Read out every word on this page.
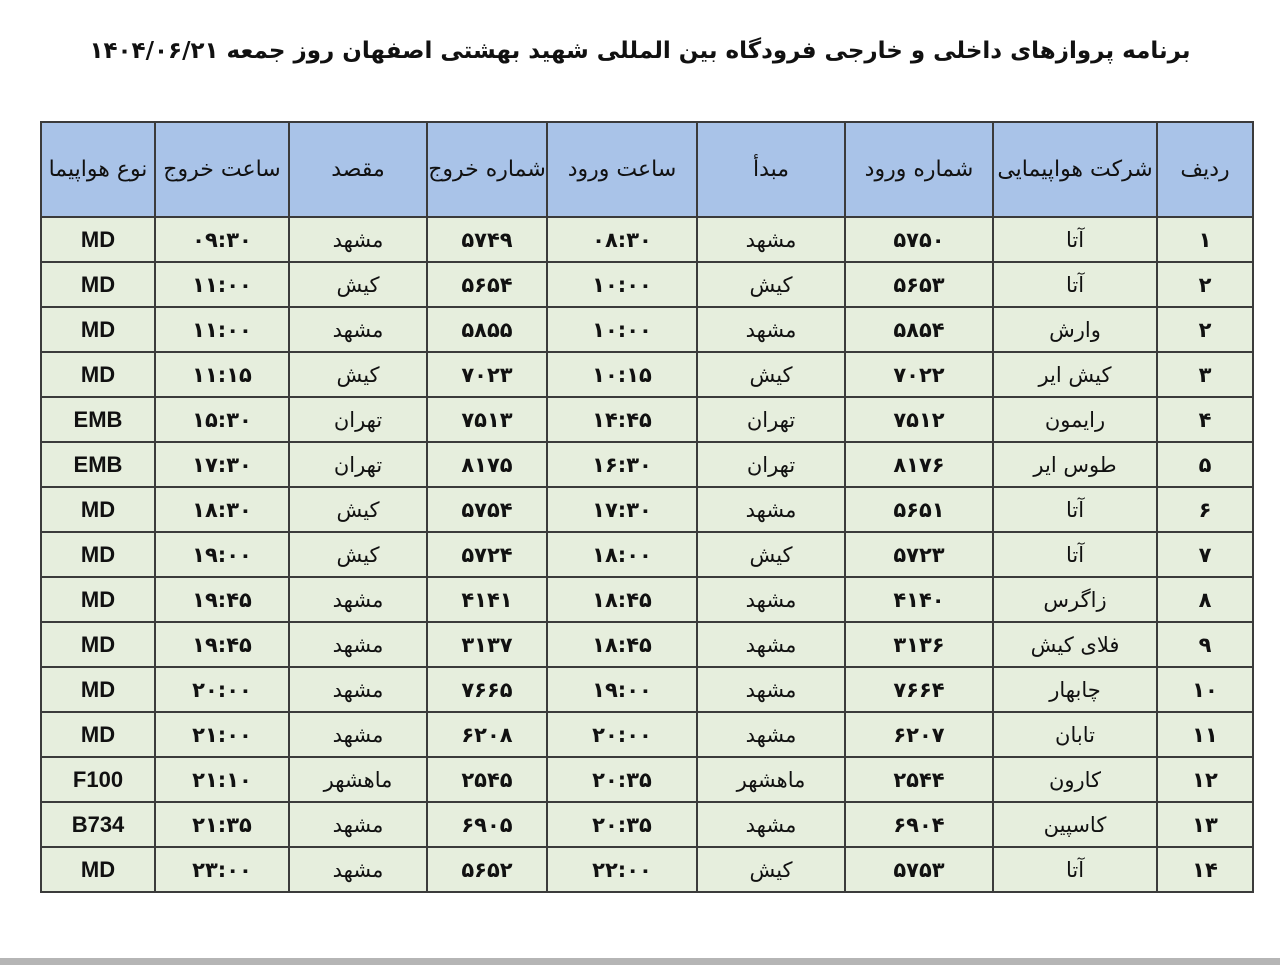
برنامه پروازهای داخلی و خارجی فرودگاه بین المللی شهید بهشتی اصفهان روز جمعه ۱۴۰۴/۰۶/۲۱
ردیف	شرکت هواپیمایی	شماره ورود	مبدأ	ساعت ورود	شماره خروج	مقصد	ساعت خروج	نوع هواپیما
۱	آتا	۵۷۵۰	مشهد	۰۸:۳۰	۵۷۴۹	مشهد	۰۹:۳۰	MD
۲	آتا	۵۶۵۳	کیش	۱۰:۰۰	۵۶۵۴	کیش	۱۱:۰۰	MD
۲	وارش	۵۸۵۴	مشهد	۱۰:۰۰	۵۸۵۵	مشهد	۱۱:۰۰	MD
۳	کیش ایر	۷۰۲۲	کیش	۱۰:۱۵	۷۰۲۳	کیش	۱۱:۱۵	MD
۴	رایمون	۷۵۱۲	تهران	۱۴:۴۵	۷۵۱۳	تهران	۱۵:۳۰	EMB
۵	طوس ایر	۸۱۷۶	تهران	۱۶:۳۰	۸۱۷۵	تهران	۱۷:۳۰	EMB
۶	آتا	۵۶۵۱	مشهد	۱۷:۳۰	۵۷۵۴	کیش	۱۸:۳۰	MD
۷	آتا	۵۷۲۳	کیش	۱۸:۰۰	۵۷۲۴	کیش	۱۹:۰۰	MD
۸	زاگرس	۴۱۴۰	مشهد	۱۸:۴۵	۴۱۴۱	مشهد	۱۹:۴۵	MD
۹	فلای کیش	۳۱۳۶	مشهد	۱۸:۴۵	۳۱۳۷	مشهد	۱۹:۴۵	MD
۱۰	چابهار	۷۶۶۴	مشهد	۱۹:۰۰	۷۶۶۵	مشهد	۲۰:۰۰	MD
۱۱	تابان	۶۲۰۷	مشهد	۲۰:۰۰	۶۲۰۸	مشهد	۲۱:۰۰	MD
۱۲	کارون	۲۵۴۴	ماهشهر	۲۰:۳۵	۲۵۴۵	ماهشهر	۲۱:۱۰	F100
۱۳	کاسپین	۶۹۰۴	مشهد	۲۰:۳۵	۶۹۰۵	مشهد	۲۱:۳۵	B734
۱۴	آتا	۵۷۵۳	کیش	۲۲:۰۰	۵۶۵۲	مشهد	۲۳:۰۰	MD
